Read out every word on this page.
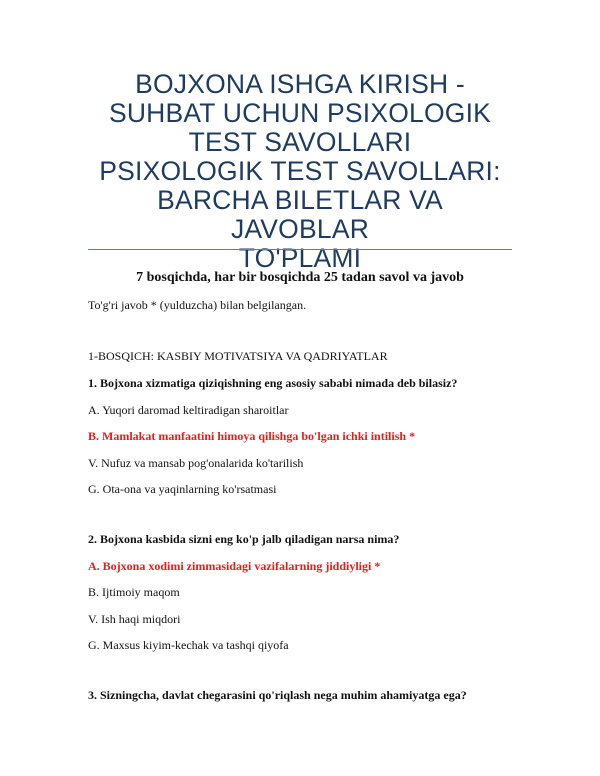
BOJXONA ISHGA KIRISH -
SUHBAT UCHUN PSIXOLOGIK
TEST SAVOLLARI
PSIXOLOGIK TEST SAVOLLARI:
BARCHA BILETLAR VA JAVOBLAR
TO'PLAMI
7 bosqichda, har bir bosqichda 25 tadan savol va javob
To'g'ri javob * (yulduzcha) bilan belgilangan.
1-BOSQICH: KASBIY MOTIVATSIYA VA QADRIYATLAR
1. Bojxona xizmatiga qiziqishning eng asosiy sababi nimada deb bilasiz?
A. Yuqori daromad keltiradigan sharoitlar
B. Mamlakat manfaatini himoya qilishga bo'lgan ichki intilish *
V. Nufuz va mansab pog'onalarida ko'tarilish
G. Ota-ona va yaqinlarning ko'rsatmasi
2. Bojxona kasbida sizni eng ko'p jalb qiladigan narsa nima?
A. Bojxona xodimi zimmasidagi vazifalarning jiddiyligi *
B. Ijtimoiy maqom
V. Ish haqi miqdori
G. Maxsus kiyim-kechak va tashqi qiyofa
3. Sizningcha, davlat chegarasini qo'riqlash nega muhim ahamiyatga ega?
